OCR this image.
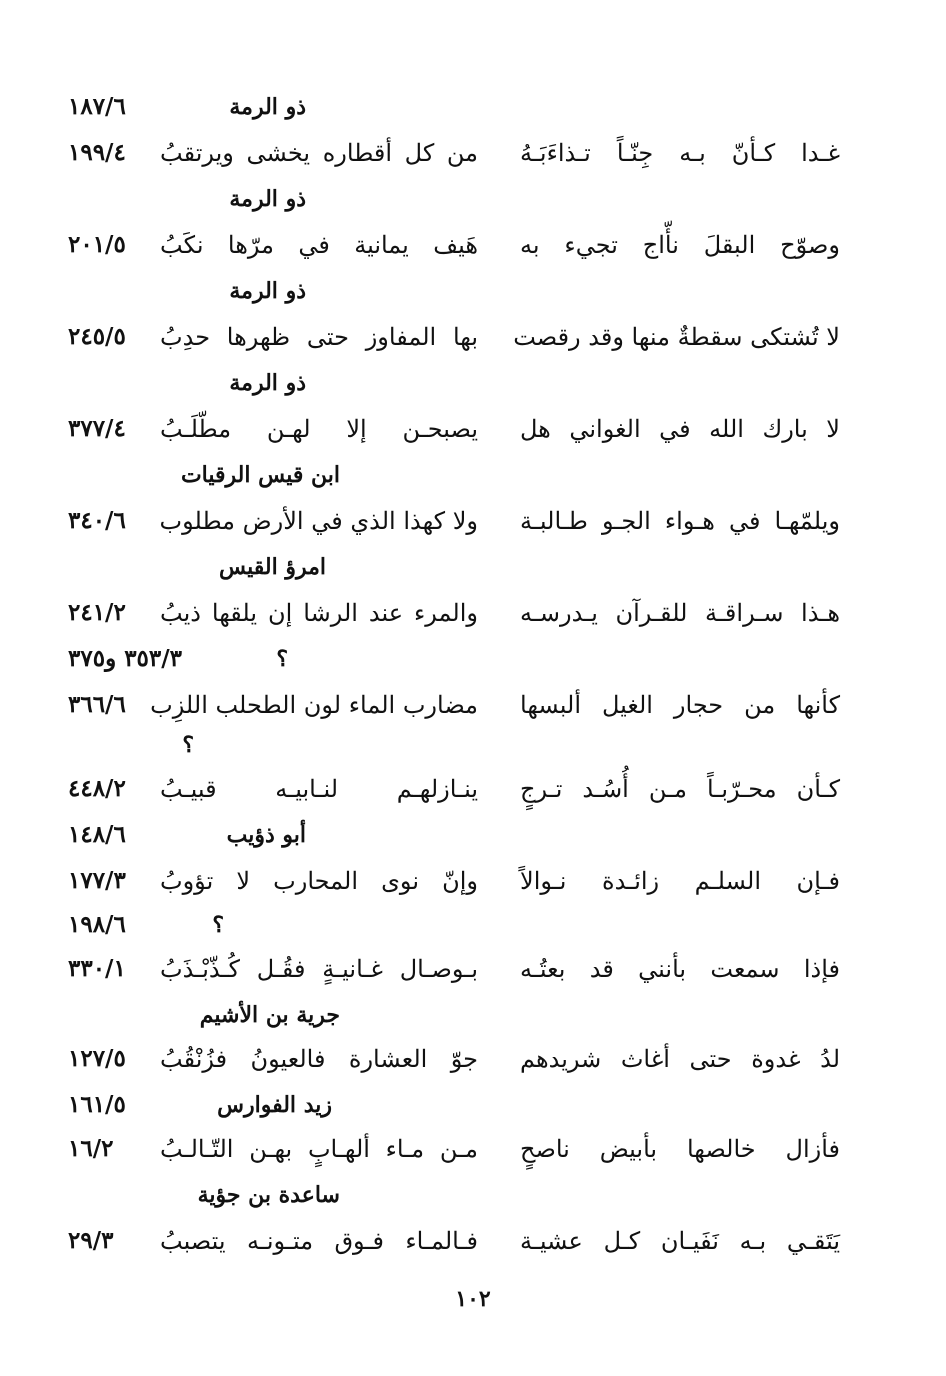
ذو الرمة
١٨٧/٦
غـدا كـأنّ بـه جِنّـاً تـذاءَبَـهُ
من كل أقطاره يخشى ويرتقبُ
١٩٩/٤
ذو الرمة
وصوّح البقلَ نأّاج تجيء به
هَيف يمانية في مرّها نكَبُ
٢٠١/٥
ذو الرمة
لا تُشتكى سقطةٌ منها وقد رقصت
بها المفاوز حتى ظهرها حدِبُ
٢٤٥/٥
ذو الرمة
لا بارك الله في الغواني هل
يصبحـن إلا لهـن مطّلَـبُ
٣٧٧/٤
ابن قيس الرقيات
ويلمّهـا في هـواء الجـو طـالبـة
ولا كهذا الذي في الأرض مطلوب
٣٤٠/٦
امرؤ القيس
هـذا سـراقـة للقـرآن يـدرسـه
والمرء عند الرشا إن يلقها ذيبُ
٢٤١/٢
؟
٣٥٣/٣ و٣٧٥
كأنها من حجار الغيل ألبسها
مضارب الماء لون الطحلب اللزِب
٣٦٦/٦
؟
كـأن محـرّبـاً مـن أُسُـد تـرجٍ
ينـازلهـم لنـابيـه قبيـبُ
٤٤٨/٢
أبو ذؤيب
١٤٨/٦
فـإن السلـم زائـدة نـوالاً
وإنّ نوى المحارب لا تؤوبُ
١٧٧/٣
؟
١٩٨/٦
فإذا سمعت بأنني قد بعتُـه
بـوصـال غـانيـةٍ فقُـل كُـذّبْـذَبُ
٣٣٠/١
جرية بن الأشيم
لدُ غدوة حتى أغاث شريدهم
جوّ العشارة فالعيونُ فزُنْقُبُ
١٢٧/٥
زيد الفوارس
١٦١/٥
فأزال خالصها بأبيض ناصحٍ
مـن مـاء ألهـابٍ بهـن التّـالـبُ
١٦/٢
ساعدة بن جؤية
يَتَقـي بـه نَفَيـان كـل عشيـة
فـالمـاء فـوق متـونـه يتصببُ
٢٩/٣
١٠٢
